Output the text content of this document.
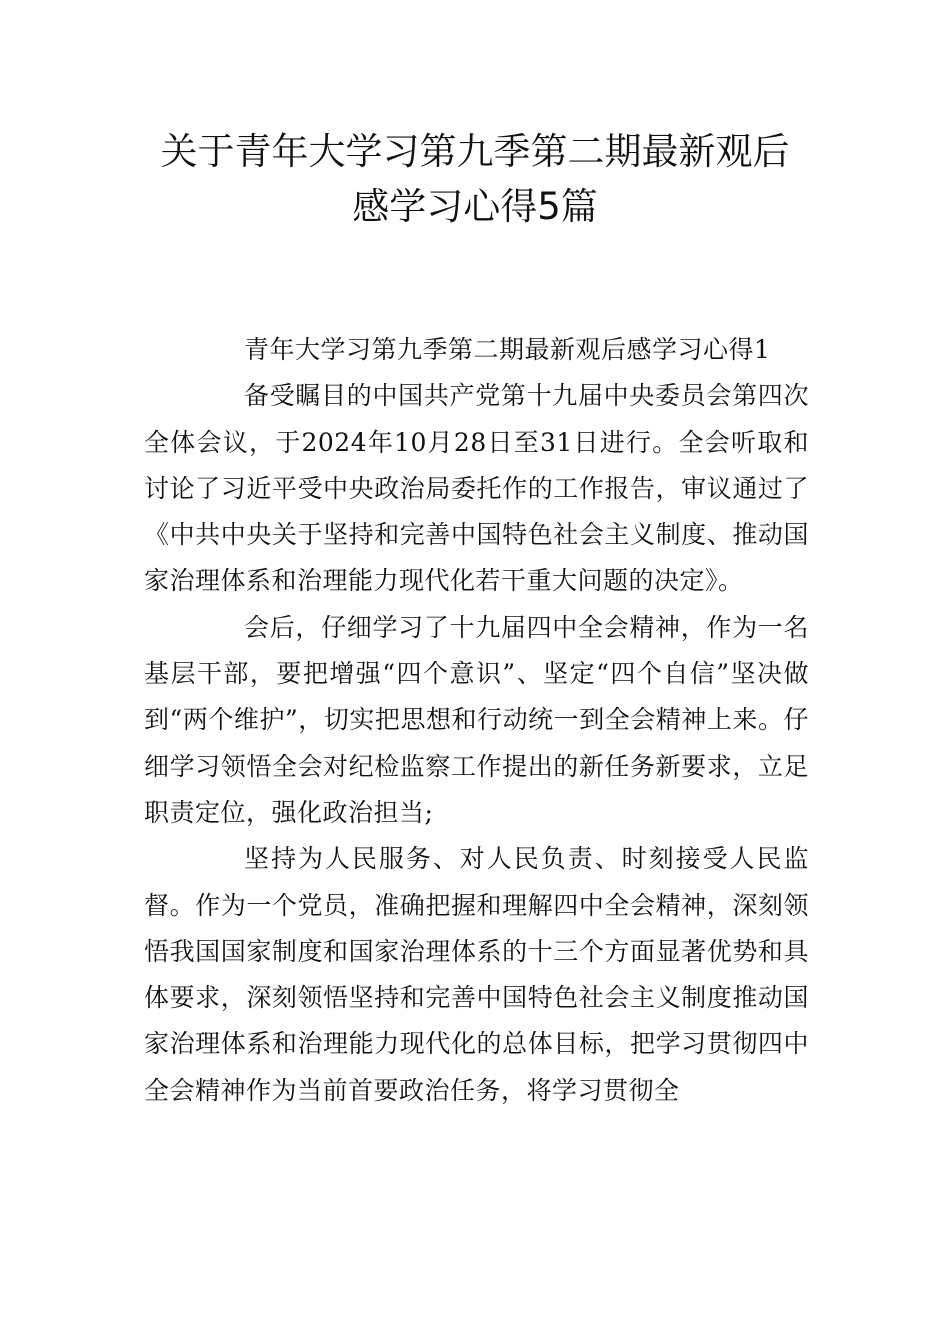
关于青年大学习第九季第二期最新观后
感学习心得5篇
青年大学习第九季第二期最新观后感学习心得1

备受瞩目的中国共产党第十九届中央委员会第四次全体会议，于2024年10月28日至31日进行。全会听取和讨论了习近平受中央政治局委托作的工作报告，审议通过了《中共中央关于坚持和完善中国特色社会主义制度、推动国家治理体系和治理能力现代化若干重大问题的决定》。

会后，仔细学习了十九届四中全会精神，作为一名基层干部，要把增强“四个意识”、坚定“四个自信”坚决做到“两个维护”，切实把思想和行动统一到全会精神上来。仔细学习领悟全会对纪检监察工作提出的新任务新要求，立足职责定位，强化政治担当;

坚持为人民服务、对人民负责、时刻接受人民监督。作为一个党员，准确把握和理解四中全会精神，深刻领悟我国国家制度和国家治理体系的十三个方面显著优势和具体要求，深刻领悟坚持和完善中国特色社会主义制度推动国家治理体系和治理能力现代化的总体目标，把学习贯彻四中全会精神作为当前首要政治任务，将学习贯彻全
